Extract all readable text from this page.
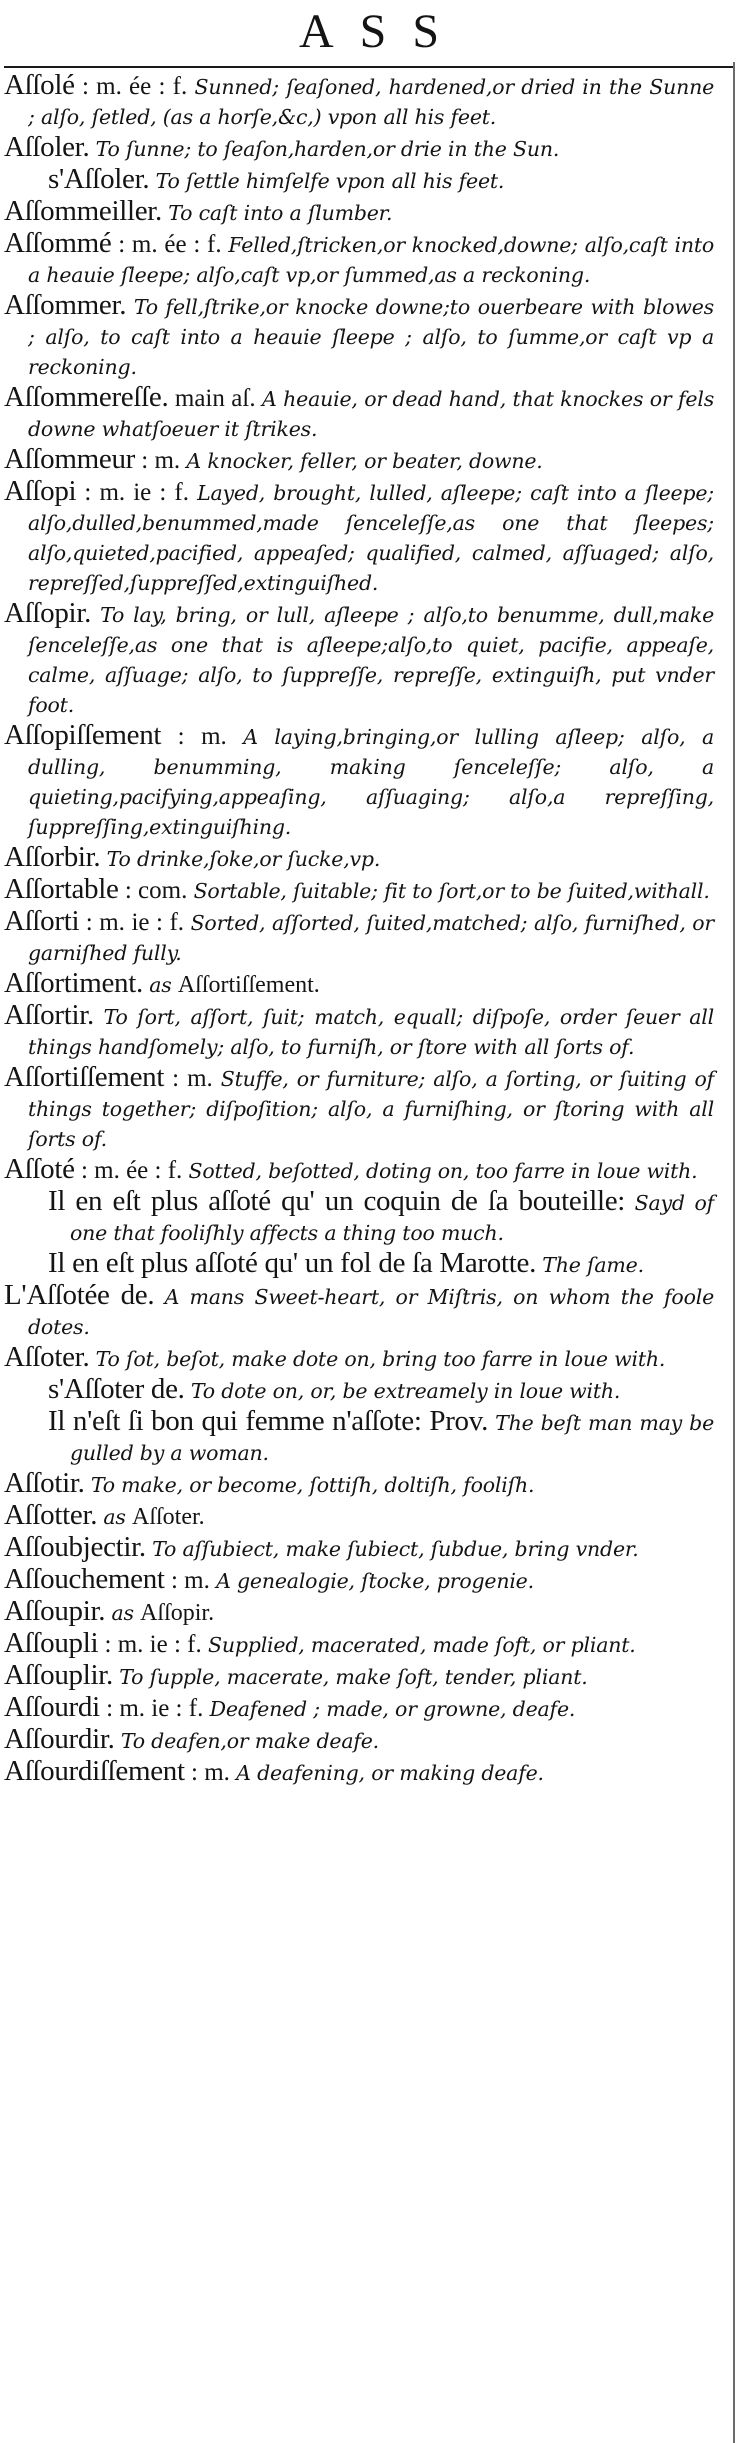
ASS

Aſſolé : m. ée : f. Sunned; ſeaſoned, hardened,or dried in the Sunne ; alſo, ſetled, (as a horſe,&c,) vpon all his feet.

Aſſoler. To ſunne; to ſeaſon,harden,or drie in the Sun.

s'Aſſoler. To ſettle himſelfe vpon all his feet.

Aſſommeiller. To caſt into a ſlumber.

Aſſommé : m. ée : f. Felled,ſtricken,or knocked,downe; alſo,caſt into a heauie ſleepe; alſo,caſt vp,or ſummed,as a reckoning.

Aſſommer. To fell,ſtrike,or knocke downe;to ouerbeare with blowes ; alſo, to caſt into a heauie ſleepe ; alſo, to ſumme,or caſt vp a reckoning.

Aſſommereſſe. main aſ. A heauie, or dead hand, that knockes or fels downe whatſoeuer it ſtrikes.

Aſſommeur : m. A knocker, feller, or beater, downe.

Aſſopi : m. ie : f. Layed, brought, lulled, aſleepe; caſt into a ſleepe; alſo,dulled,benummed,made ſenceleſſe,as one that ſleepes; alſo,quieted,pacified, appeaſed; qualified, calmed, aſſuaged; alſo, repreſſed,ſuppreſſed,extinguiſhed.

Aſſopir. To lay, bring, or lull, aſleepe ; alſo,to benumme, dull,make ſenceleſſe,as one that is aſleepe;alſo,to quiet, pacifie, appeaſe, calme, aſſuage; alſo, to ſuppreſſe, repreſſe, extinguiſh, put vnder foot.

Aſſopiſſement : m. A laying,bringing,or lulling aſleep; alſo, a dulling, benumming, making ſenceleſſe; alſo, a quieting,pacifying,appeaſing, aſſuaging; alſo,a repreſſing, ſuppreſſing,extinguiſhing.

Aſſorbir. To drinke,ſoke,or ſucke,vp.

Aſſortable : com. Sortable, ſuitable; fit to ſort,or to be ſuited,withall.

Aſſorti : m. ie : f. Sorted, aſſorted, ſuited,matched; alſo, furniſhed, or garniſhed fully.

Aſſortiment. as Aſſortiſſement.

Aſſortir. To ſort, aſſort, ſuit; match, equall; diſpoſe, order ſeuer all things handſomely; alſo, to furniſh, or ſtore with all ſorts of.

Aſſortiſſement : m. Stuffe, or furniture; alſo, a ſorting, or ſuiting of things together; diſpoſition; alſo, a furniſhing, or ſtoring with all ſorts of.

Aſſoté : m. ée : f. Sotted, beſotted, doting on, too farre in loue with.

Il en eſt plus aſſoté qu' un coquin de ſa bouteille: Sayd of one that fooliſhly affects a thing too much.

Il en eſt plus aſſoté qu' un fol de ſa Marotte. The ſame.

L'Aſſotée de. A mans Sweet-heart, or Miſtris, on whom the foole dotes.

Aſſoter. To ſot, beſot, make dote on, bring too farre in loue with.

s'Aſſoter de. To dote on, or, be extreamely in loue with.

Il n'eſt ſi bon qui femme n'aſſote: Prov. The beſt man may be gulled by a woman.

Aſſotir. To make, or become, ſottiſh, doltiſh, fooliſh.

Aſſotter. as Aſſoter.

Aſſoubjectir. To aſſubiect, make ſubiect, ſubdue, bring vnder.

Aſſouchement : m. A genealogie, ſtocke, progenie.

Aſſoupir. as Aſſopir.

Aſſoupli : m. ie : f. Supplied, macerated, made ſoft, or pliant.

Aſſouplir. To ſupple, macerate, make ſoft, tender, pliant.

Aſſourdi : m. ie : f. Deafened ; made, or growne, deafe.

Aſſourdir. To deafen,or make deafe.

Aſſourdiſſement : m. A deafening, or making deafe.
